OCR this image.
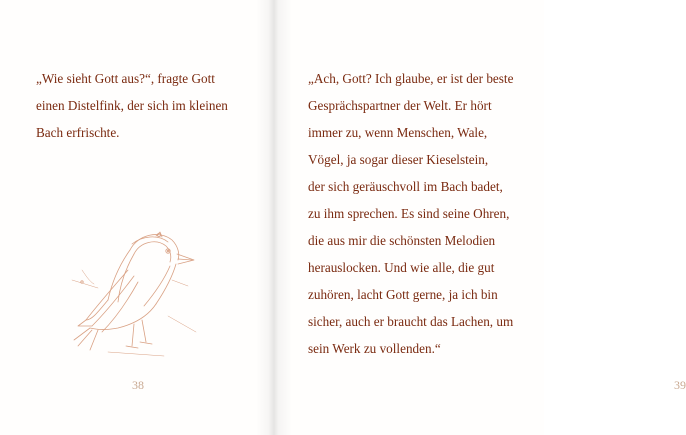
„Wie sieht Gott aus?“, fragte Gott
einen Distelfink, der sich im kleinen
Bach erfrischte.
38	39
„Ach, Gott? Ich glaube, er ist der beste
Gesprächspartner der Welt. Er hört
immer zu, wenn Menschen, Wale,
Vögel, ja sogar dieser Kieselstein,
der sich geräuschvoll im Bach badet,
zu ihm sprechen. Es sind seine Ohren,
die aus mir die schönsten Melodien
herauslocken. Und wie alle, die gut
zuhören, lacht Gott gerne, ja ich bin
sicher, auch er braucht das Lachen, um
sein Werk zu vollenden.“
